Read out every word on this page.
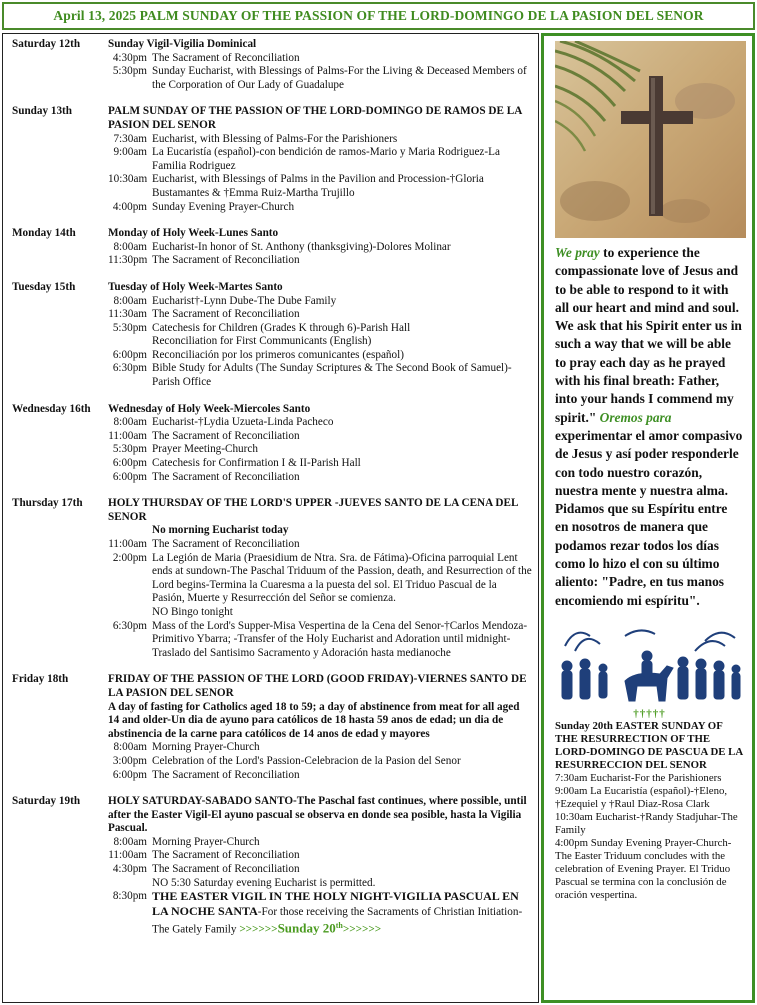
April 13, 2025 PALM SUNDAY OF THE PASSION OF THE LORD-DOMINGO DE LA PASION DEL SENOR
Saturday 12th	Sunday Vigil-Vigilia Dominical
4:30pm The Sacrament of Reconciliation
5:30pm Sunday Eucharist, with Blessings of Palms-For the Living & Deceased Members of the Corporation of Our Lady of Guadalupe
Sunday 13th	PALM SUNDAY OF THE PASSION OF THE LORD-DOMINGO DE RAMOS DE LA PASION DEL SENOR
7:30am Eucharist, with Blessing of Palms-For the Parishioners
9:00am La Eucaristía (español)-con bendición de ramos-Mario y Maria Rodriguez-La Familia Rodriguez
10:30am Eucharist, with Blessings of Palms in the Pavilion and Procession-†Gloria Bustamantes & †Emma Ruiz-Martha Trujillo
4:00pm Sunday Evening Prayer-Church
Monday 14th	Monday of Holy Week-Lunes Santo
8:00am Eucharist-In honor of St. Anthony (thanksgiving)-Dolores Molinar
11:30pm The Sacrament of Reconciliation
Tuesday 15th	Tuesday of Holy Week-Martes Santo
8:00am Eucharist†-Lynn Dube-The Dube Family
11:30am The Sacrament of Reconciliation
5:30pm Catechesis for Children (Grades K through 6)-Parish Hall
Reconciliation for First Communicants (English)
6:00pm Reconciliación por los primeros comunicantes (español)
6:30pm Bible Study for Adults (The Sunday Scriptures & The Second Book of Samuel)-Parish Office
Wednesday 16th	Wednesday of Holy Week-Miercoles Santo
8:00am Eucharist-†Lydia Uzueta-Linda Pacheco
11:00am The Sacrament of Reconciliation
5:30pm Prayer Meeting-Church
6:00pm Catechesis for Confirmation I & II-Parish Hall
6:00pm The Sacrament of Reconciliation
Thursday 17th	HOLY THURSDAY OF THE LORD'S UPPER -JUEVES SANTO DE LA CENA DEL SENOR
No morning Eucharist today
11:00am The Sacrament of Reconciliation
2:00pm La Legión de Maria (Praesidium de Ntra. Sra. de Fátima)-Oficina parroquial Lent ends at sundown-The Paschal Triduum of the Passion, death, and Resurrection of the Lord begins-Termina la Cuaresma a la puesta del sol. El Triduo Pascual de la Pasión, Muerte y Resurrección del Señor se comienza.
NO Bingo tonight
6:30pm Mass of the Lord's Supper-Misa Vespertina de la Cena del Senor-†Carlos Mendoza-Primitivo Ybarra; -Transfer of the Holy Eucharist and Adoration until midnight-Traslado del Santisimo Sacramento y Adoración hasta medianoche
Friday 18th	FRIDAY OF THE PASSION OF THE LORD (GOOD FRIDAY)-VIERNES SANTO DE LA PASION DEL SENOR
A day of fasting for Catholics aged 18 to 59; a day of abstinence from meat for all aged 14 and older-Un dia de ayuno para católicos de 18 hasta 59 anos de edad; un dia de abstinencia de la carne para católicos de 14 anos de edad y mayores
8:00am Morning Prayer-Church
3:00pm Celebration of the Lord's Passion-Celebracion de la Pasion del Senor
6:00pm The Sacrament of Reconciliation
Saturday 19th	HOLY SATURDAY-SABADO SANTO-The Paschal fast continues, where possible, until after the Easter Vigil-El ayuno pascual se observa en donde sea posible, hasta la Vigilia Pascual.
8:00am Morning Prayer-Church
11:00am The Sacrament of Reconciliation
4:30pm The Sacrament of Reconciliation
NO 5:30 Saturday evening Eucharist is permitted.
8:30pm THE EASTER VIGIL IN THE HOLY NIGHT-VIGILIA PASCUAL EN LA NOCHE SANTA-For those receiving the Sacraments of Christian Initiation-The Gately Family >>>>>>Sunday 20th>>>>>>
We pray to experience the compassionate love of Jesus and to be able to respond to it with all our heart and mind and soul. We ask that his Spirit enter us in such a way that we will be able to pray each day as he prayed with his final breath: Father, into your hands I commend my spirit." Oremos para experimentar el amor compasivo de Jesus y así poder responderle con todo nuestro corazón, nuestra mente y nuestra alma. Pidamos que su Espíritu entre en nosotros de manera que podamos rezar todos los días como lo hizo el con su último aliento: "Padre, en tus manos encomiendo mi espíritu".
†††††
Sunday 20th EASTER SUNDAY OF THE RESURRECTION OF THE LORD-DOMINGO DE PASCUA DE LA RESURRECCION DEL SENOR
7:30am Eucharist-For the Parishioners
9:00am La Eucaristía (español)-†Eleno, †Ezequiel y †Raul Diaz-Rosa Clark
10:30am Eucharist-†Randy Stadjuhar-The Family
4:00pm Sunday Evening Prayer-Church-The Easter Triduum concludes with the celebration of Evening Prayer. El Triduo Pascual se termina con la conclusión de oración vespertina.
